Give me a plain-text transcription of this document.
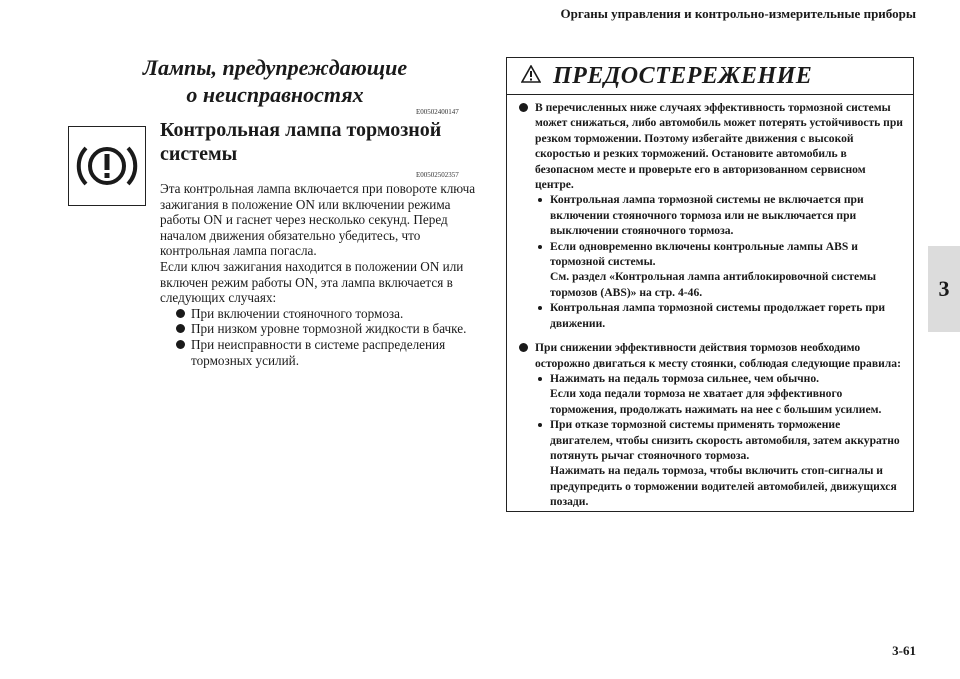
Органы управления и контрольно-измерительные приборы
3
Лампы, предупреждающие
о неисправностях
E00502400147
Контрольная лампа тормозной
системы
E00502502357

Эта контрольная лампа включается при повороте ключа зажигания в положение ON или включении режима работы ON и гаснет через несколько секунд. Перед началом движения обязательно убедитесь, что контрольная лампа погасла.

Если ключ зажигания находится в положении ON или включен режим работы ON, эта лампа включается в следующих случаях:

При включении стояночного тормоза.
При низком уровне тормозной жидкости в бачке.
При неисправности в системе распределения тормозных усилий.
ПРЕДОСТЕРЕЖЕНИЕ
В перечисленных ниже случаях эффективность тормозной системы может снижаться, либо автомобиль может потерять устойчивость при резком торможении. Поэтому избегайте движения с высокой скоростью и резких торможений. Остановите автомобиль в безопасном месте и проверьте его в авторизованном сервисном центре.
Контрольная лампа тормозной системы не включается при включении стояночного тормоза или не выключается при выключении стояночного тормоза.
Если одновременно включены контрольные лампы ABS и тормозной системы.
См. раздел «Контрольная лампа антиблокировочной системы тормозов (ABS)» на стр. 4-46.
Контрольная лампа тормозной системы продолжает гореть при движении.
При снижении эффективности действия тормозов необходимо осторожно двигаться к месту стоянки, соблюдая следующие правила:
Нажимать на педаль тормоза сильнее, чем обычно.
Если хода педали тормоза не хватает для эффективного торможения, продолжать нажимать на нее с большим усилием.
При отказе тормозной системы применять торможение двигателем, чтобы снизить скорость автомобиля, затем аккуратно потянуть рычаг стояночного тормоза.
Нажимать на педаль тормоза, чтобы включить стоп-сигналы и предупредить о торможении водителей автомобилей, движущихся позади.
3-61
